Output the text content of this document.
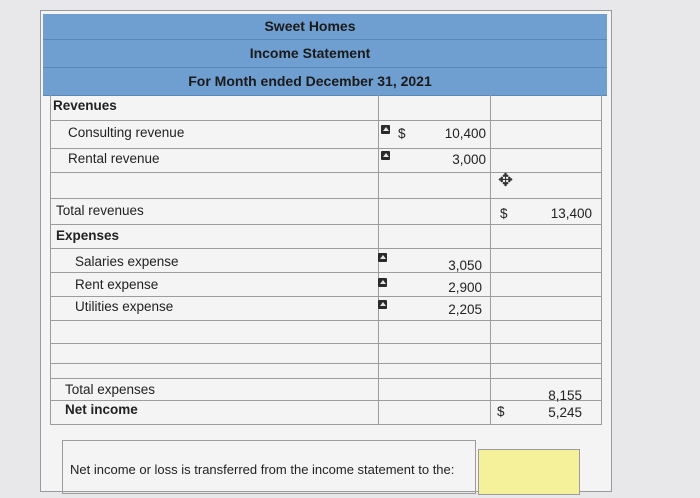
Sweet Homes
Income Statement
For Month ended December 31, 2021
Revenues
Consulting revenue	$	10,400
Rental revenue	3,000
✥
Total revenues	$	13,400
Expenses
Salaries expense	3,050
Rent expense	2,900
Utilities expense	2,205
Total expenses	8,155
Net income	$	5,245
Net income or loss is transferred from the income statement to the:
